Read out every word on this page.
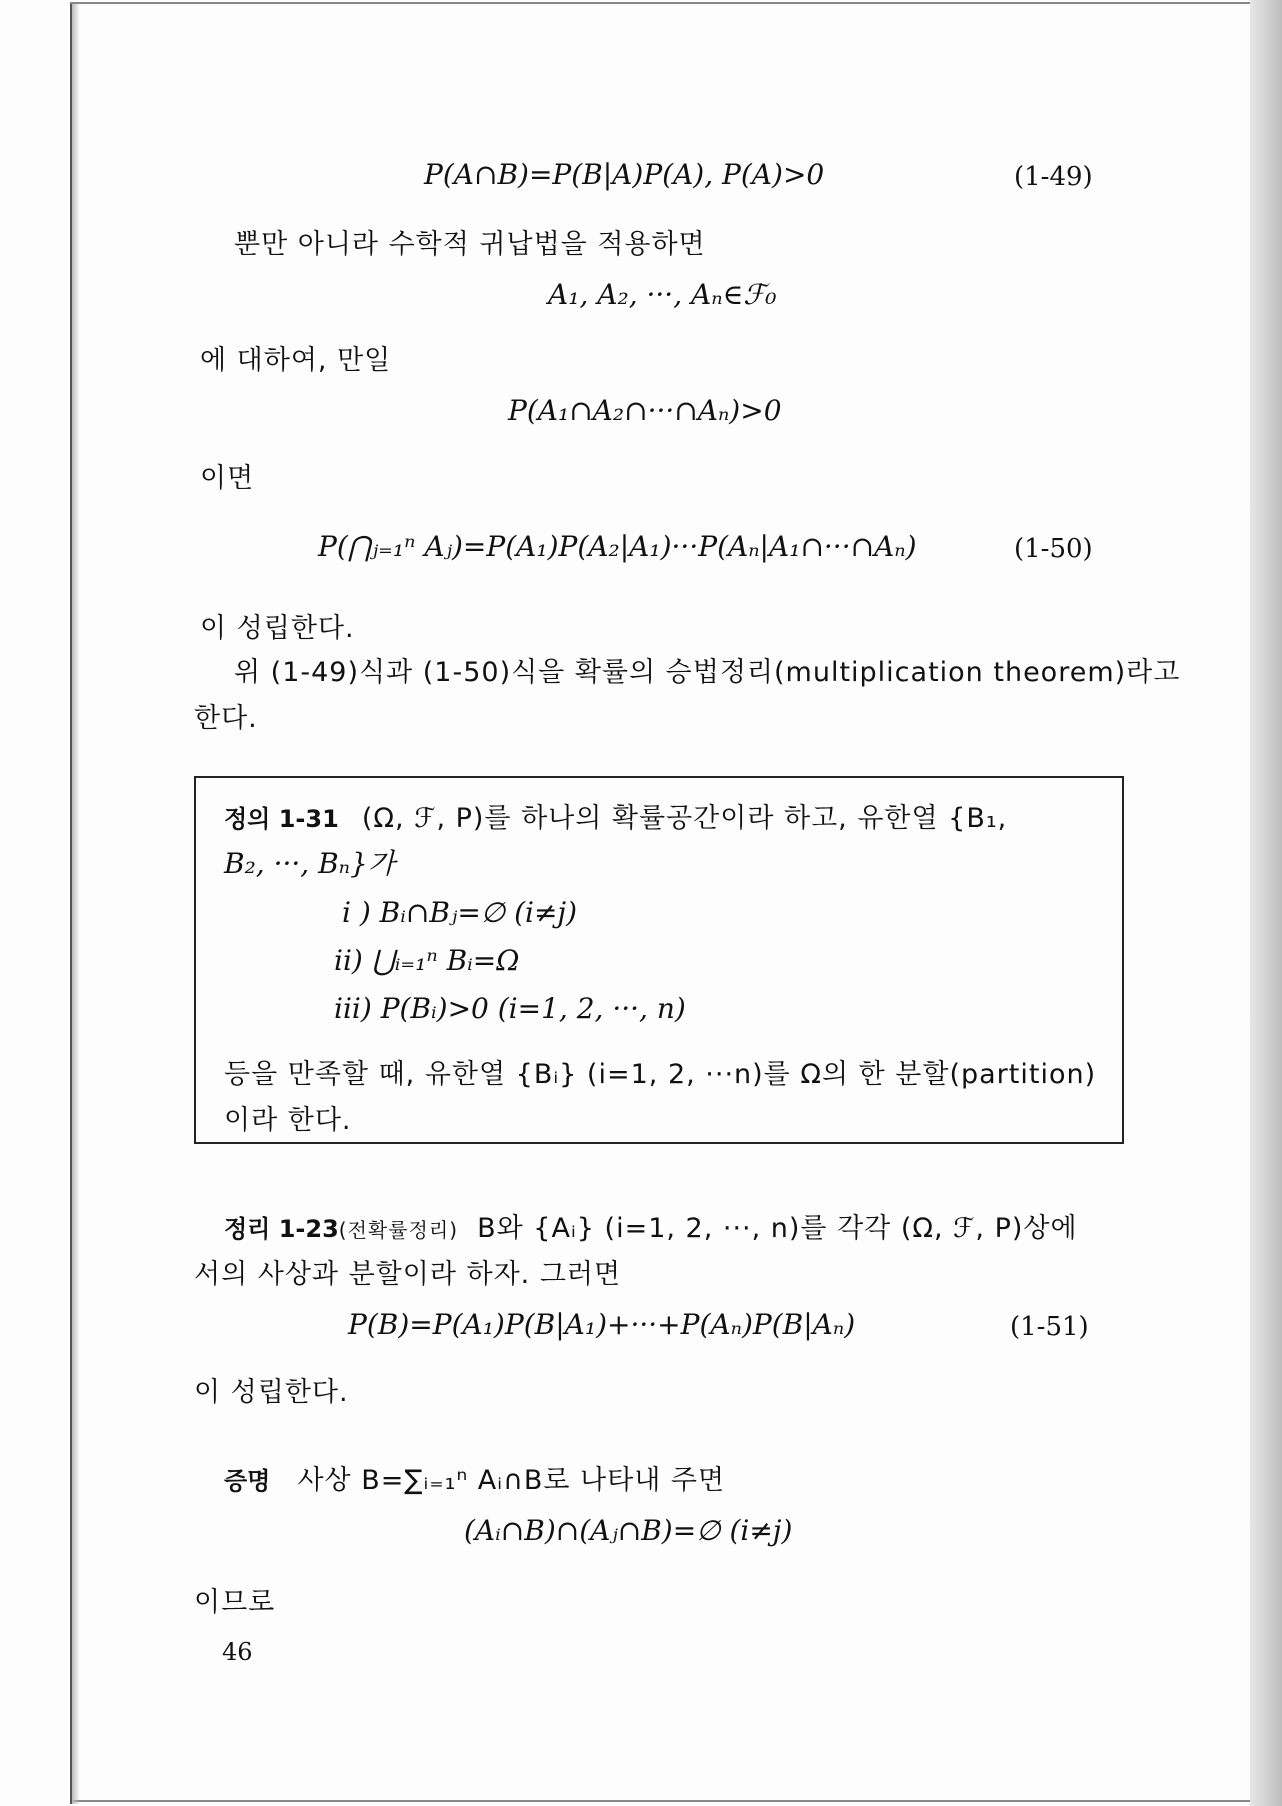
P(A∩B)=P(B|A)P(A), P(A)>0	(1-49)
뿐만 아니라 수학적 귀납법을 적용하면
A₁, A₂, ···, Aₙ∈ℱ₀
에 대하여, 만일
P(A₁∩A₂∩···∩Aₙ)>0
이면
P(⋂ⱼ₌₁ⁿ Aⱼ)=P(A₁)P(A₂|A₁)···P(Aₙ|A₁∩···∩Aₙ)	(1-50)
이 성립한다.
위 (1-49)식과 (1-50)식을 확률의 승법정리(multiplication theorem)라고
한다.
정의 1-31 (Ω, ℱ, P)를 하나의 확률공간이라 하고, 유한열 {B₁,
B₂, ···, Bₙ}가
i ) Bᵢ∩Bⱼ=∅ (i≠j)
ii) ⋃ᵢ₌₁ⁿ Bᵢ=Ω
iii) P(Bᵢ)>0 (i=1, 2, ···, n)
등을 만족할 때, 유한열 {Bᵢ} (i=1, 2, ···n)를 Ω의 한 분할(partition)
이라 한다.
정리 1-23(전확률정리) B와 {Aᵢ} (i=1, 2, ···, n)를 각각 (Ω, ℱ, P)상에
서의 사상과 분할이라 하자. 그러면
P(B)=P(A₁)P(B|A₁)+···+P(Aₙ)P(B|Aₙ)	(1-51)
이 성립한다.
증명 사상 B=∑ᵢ₌₁ⁿ Aᵢ∩B로 나타내 주면
(Aᵢ∩B)∩(Aⱼ∩B)=∅ (i≠j)
이므로
46
